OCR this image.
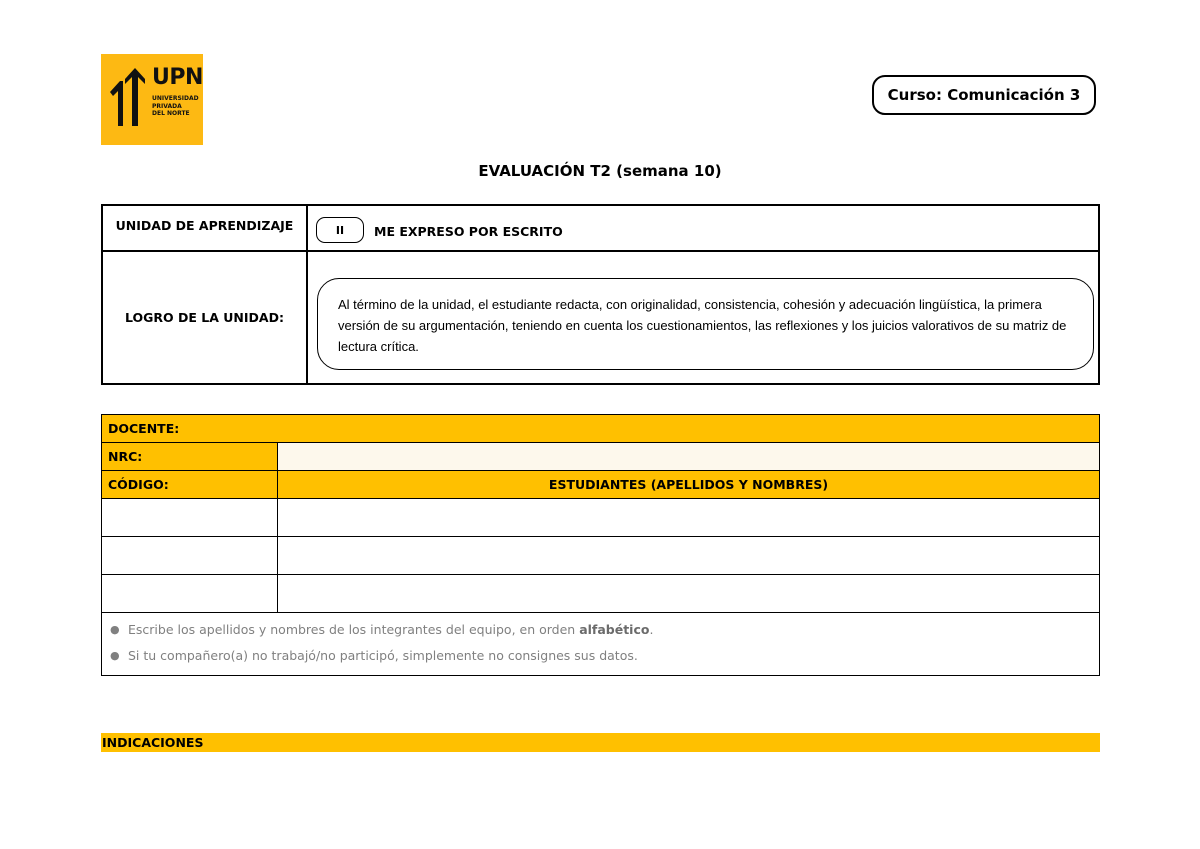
UPN
UNIVERSIDAD
PRIVADA
DEL NORTE
Curso: Comunicación 3
EVALUACIÓN T2 (semana 10)
UNIDAD DE APRENDIZAJE	II ME EXPRESO POR ESCRITO

LOGRO DE LA UNIDAD:	Al término de la unidad, el estudiante redacta, con originalidad, consistencia, cohesión y adecuación lingüística, la primera versión de su argumentación, teniendo en cuenta los cuestionamientos, las reflexiones y los juicios valorativos de su matriz de lectura crítica.
DOCENTE:	
NRC:	
CÓDIGO:	ESTUDIANTES (APELLIDOS Y NOMBRES)

● Escribe los apellidos y nombres de los integrantes del equipo, en orden alfabético.
● Si tu compañero(a) no trabajó/no participó, simplemente no consignes sus datos.	
INDICACIONES
